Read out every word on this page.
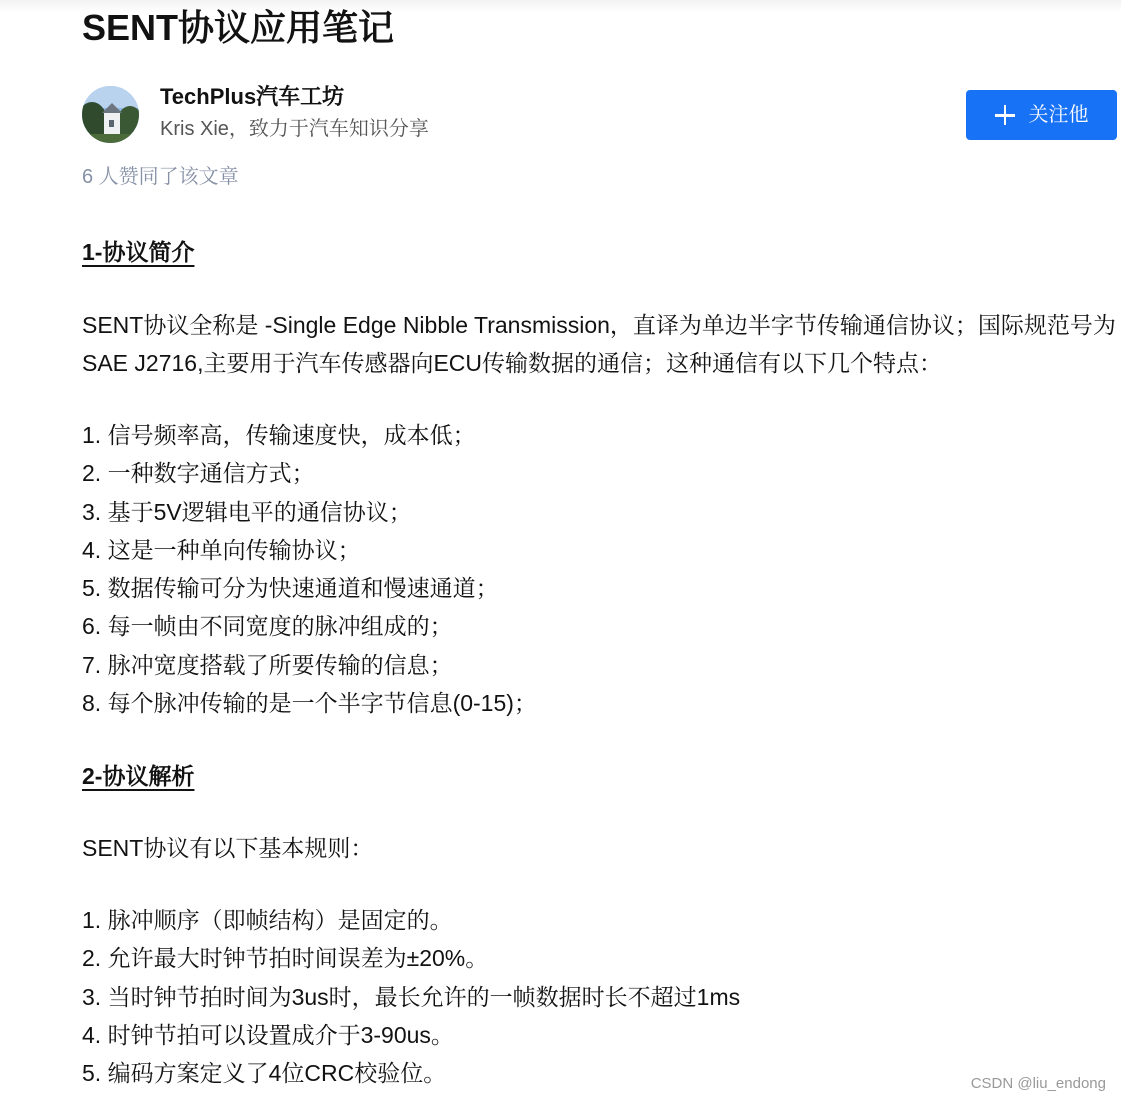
SENT协议应用笔记
TechPlus汽车工坊
Kris Xie，致力于汽车知识分享
关注他
6 人赞同了该文章
1-协议简介

SENT协议全称是 -Single Edge Nibble Transmission，直译为单边半字节传输通信协议；国际规范号为SAE J2716,主要用于汽车传感器向ECU传输数据的通信；这种通信有以下几个特点：

1. 信号频率高，传输速度快，成本低；
2. 一种数字通信方式；
3. 基于5V逻辑电平的通信协议；
4. 这是一种单向传输协议；
5. 数据传输可分为快速通道和慢速通道；
6. 每一帧由不同宽度的脉冲组成的；
7. 脉冲宽度搭载了所要传输的信息；
8. 每个脉冲传输的是一个半字节信息(0-15)；
2-协议解析

SENT协议有以下基本规则：

1. 脉冲顺序（即帧结构）是固定的。
2. 允许最大时钟节拍时间误差为±20%。
3. 当时钟节拍时间为3us时，最长允许的一帧数据时长不超过1ms
4. 时钟节拍可以设置成介于3-90us。
5. 编码方案定义了4位CRC校验位。	CSDN @liu_endong
